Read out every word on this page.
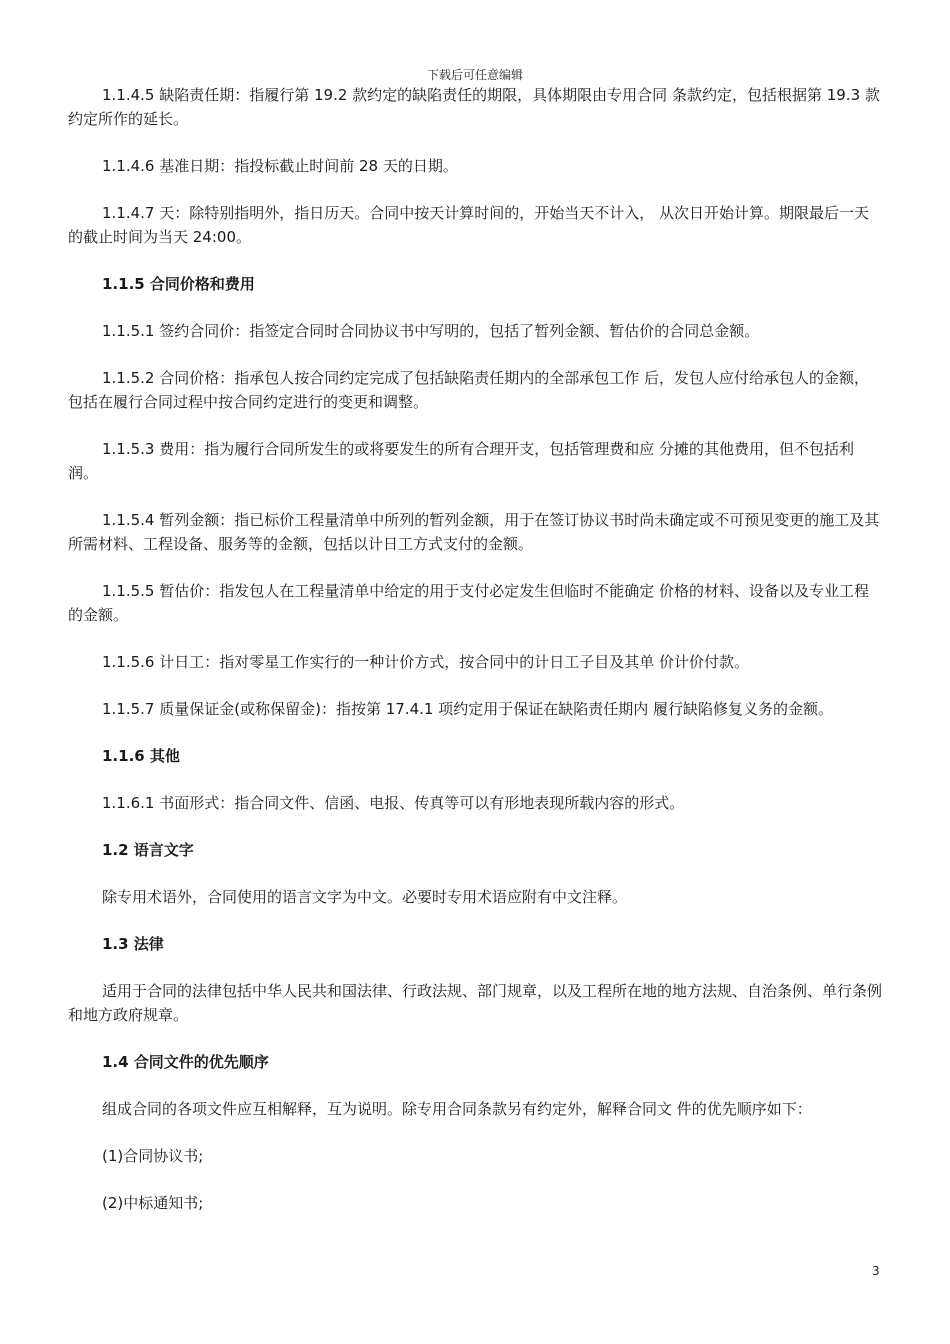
下载后可任意编辑

1.1.4.5 缺陷责任期：指履行第 19.2 款约定的缺陷责任的期限，具体期限由专用合同 条款约定，包括根据第 19.3 款约定所作的延长。

1.1.4.6 基准日期：指投标截止时间前 28 天的日期。

1.1.4.7 天：除特别指明外，指日历天。合同中按天计算时间的，开始当天不计入， 从次日开始计算。期限最后一天的截止时间为当天 24:00。

1.1.5 合同价格和费用

1.1.5.1 签约合同价：指签定合同时合同协议书中写明的，包括了暂列金额、暂估价的合同总金额。

1.1.5.2 合同价格：指承包人按合同约定完成了包括缺陷责任期内的全部承包工作 后，发包人应付给承包人的金额，包括在履行合同过程中按合同约定进行的变更和调整。

1.1.5.3 费用：指为履行合同所发生的或将要发生的所有合理开支，包括管理费和应 分摊的其他费用，但不包括利润。

1.1.5.4 暂列金额：指已标价工程量清单中所列的暂列金额，用于在签订协议书时尚未确定或不可预见变更的施工及其所需材料、工程设备、服务等的金额，包括以计日工方式支付的金额。

1.1.5.5 暂估价：指发包人在工程量清单中给定的用于支付必定发生但临时不能确定 价格的材料、设备以及专业工程的金额。

1.1.5.6 计日工：指对零星工作实行的一种计价方式，按合同中的计日工子目及其单 价计价付款。

1.1.5.7 质量保证金(或称保留金)：指按第 17.4.1 项约定用于保证在缺陷责任期内 履行缺陷修复义务的金额。

1.1.6 其他

1.1.6.1 书面形式：指合同文件、信函、电报、传真等可以有形地表现所载内容的形式。

1.2 语言文字

除专用术语外，合同使用的语言文字为中文。必要时专用术语应附有中文注释。

1.3 法律

适用于合同的法律包括中华人民共和国法律、行政法规、部门规章，以及工程所在地的地方法规、自治条例、单行条例和地方政府规章。

1.4 合同文件的优先顺序

组成合同的各项文件应互相解释，互为说明。除专用合同条款另有约定外，解释合同文 件的优先顺序如下：

(1)合同协议书;

(2)中标通知书;

3
